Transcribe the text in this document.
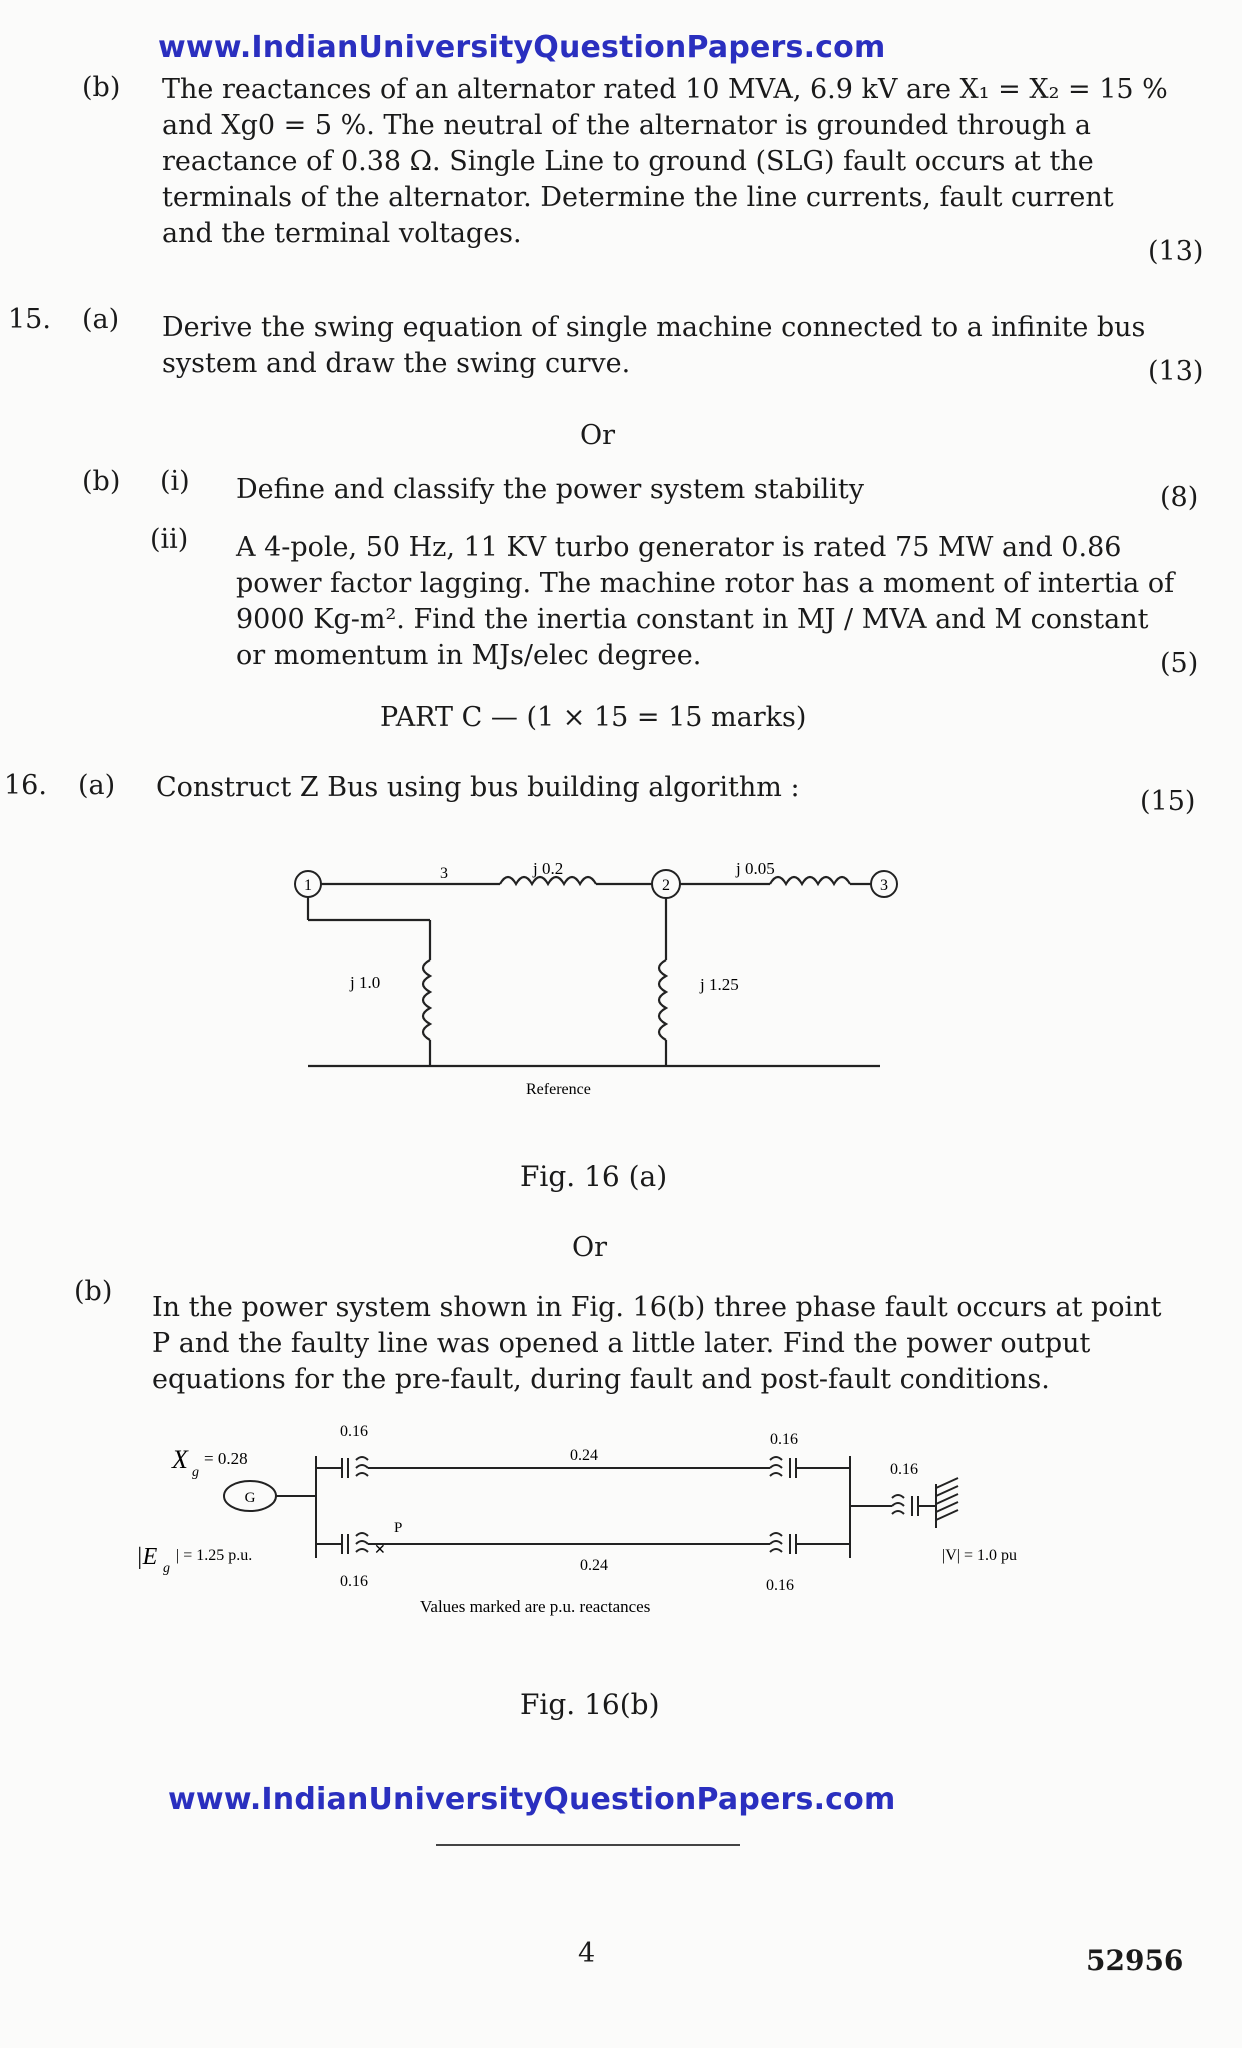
www.IndianUniversityQuestionPapers.com
(b) The reactances of an alternator rated 10 MVA, 6.9 kV are X₁ = X₂ = 15 %
and Xg0 = 5 %. The neutral of the alternator is grounded through a
reactance of 0.38 Ω. Single Line to ground (SLG) fault occurs at the
terminals of the alternator. Determine the line currents, fault current
and the terminal voltages.
(13)
15. (a) Derive the swing equation of single machine connected to a infinite bus
system and draw the swing curve.	(13)
Or
(b) (i) Define and classify the power system stability	(8)
(ii) A 4-pole, 50 Hz, 11 KV turbo generator is rated 75 MW and 0.86
power factor lagging. The machine rotor has a moment of intertia of
9000 Kg-m². Find the inertia constant in MJ / MVA and M constant
or momentum in MJs/elec degree.	(5)
PART C — (1 × 15 = 15 marks)
16. (a) Construct Z Bus using bus building algorithm :	(15)
1	2	3
3	j 0.2	j 0.05
j 1.0	j 1.25
Reference
Fig. 16 (a)
Or
(b)
In the power system shown in Fig. 16(b) three phase fault occurs at point
P and the faulty line was opened a little later. Find the power output
equations for the pre-fault, during fault and post-fault conditions.
✕
X g
= 0.28
G
|E g
| = 1.25 p.u.
0.16
0.16
0.24
0.24
0.16
0.16
0.16
P
|V| = 1.0 pu
Values marked are p.u. reactances
Fig. 16(b)
www.IndianUniversityQuestionPapers.com
4	52956
